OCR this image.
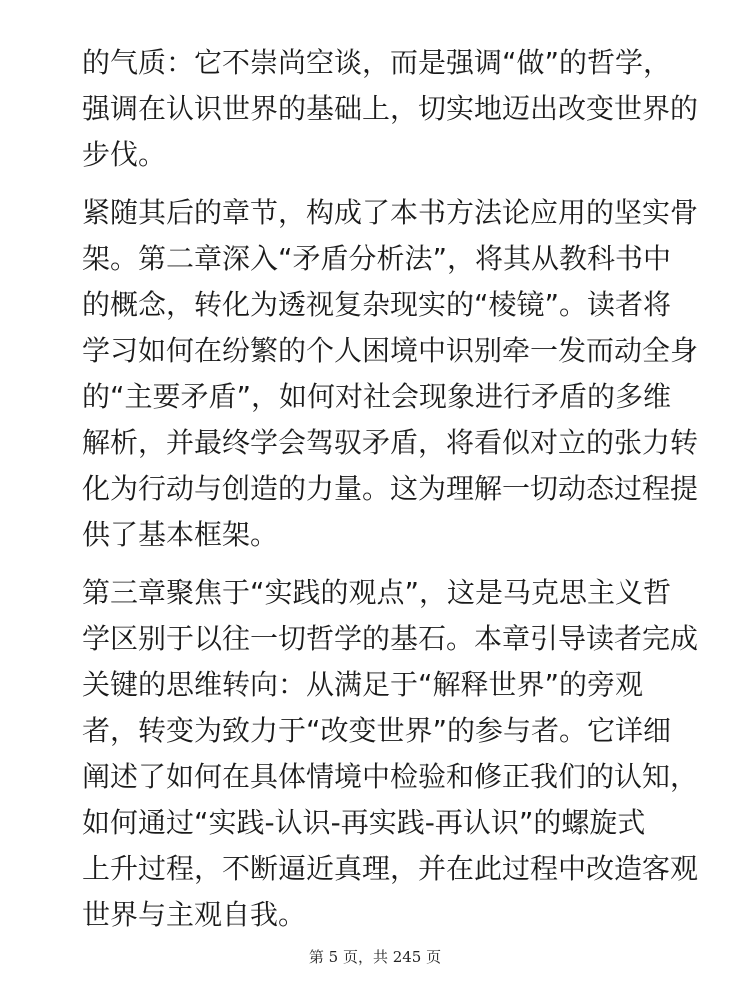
的气质：它不崇尚空谈，而是强调“做”的哲学，
强调在认识世界的基础上，切实地迈出改变世界的
步伐。
紧随其后的章节，构成了本书方法论应用的坚实骨
架。第二章深入“矛盾分析法”，将其从教科书中
的概念，转化为透视复杂现实的“棱镜”。读者将
学习如何在纷繁的个人困境中识别牵一发而动全身
的“主要矛盾”，如何对社会现象进行矛盾的多维
解析，并最终学会驾驭矛盾，将看似对立的张力转
化为行动与创造的力量。这为理解一切动态过程提
供了基本框架。
第三章聚焦于“实践的观点”，这是马克思主义哲
学区别于以往一切哲学的基石。本章引导读者完成
关键的思维转向：从满足于“解释世界”的旁观
者，转变为致力于“改变世界”的参与者。它详细
阐述了如何在具体情境中检验和修正我们的认知，
如何通过“实践-认识-再实践-再认识”的螺旋式
上升过程，不断逼近真理，并在此过程中改造客观
世界与主观自我。
第 5 页，共 245 页
